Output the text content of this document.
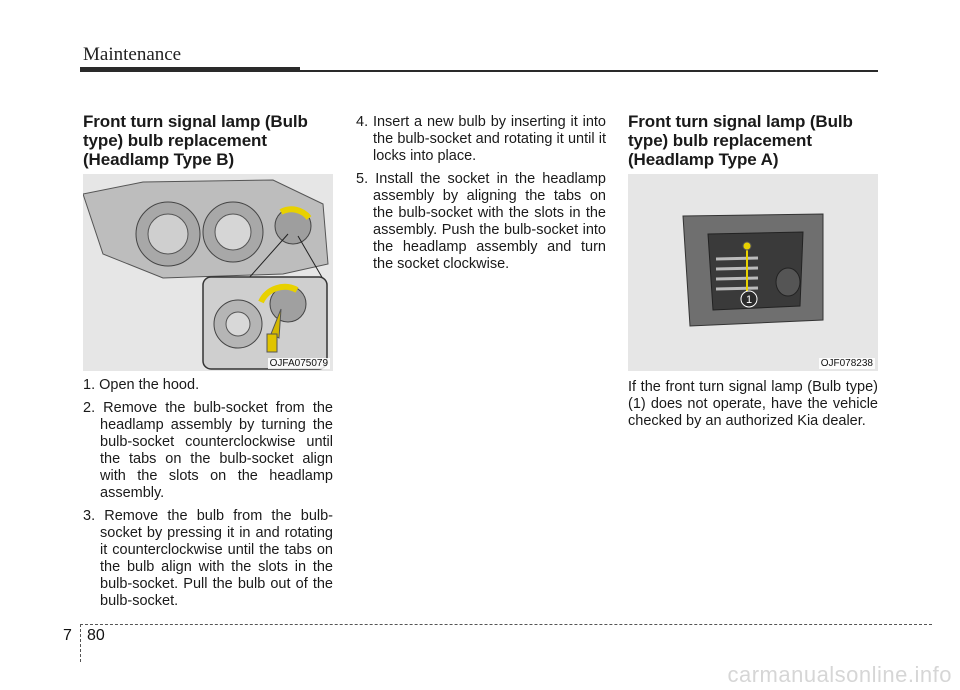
Maintenance
Front turn signal lamp (Bulb
type) bulb replacement
(Headlamp Type B)
OJFA075079
1. Open the hood.
2. Remove the bulb-socket from the headlamp assembly by turning the bulb-socket counterclockwise until the tabs on the bulb-socket align with the slots on the headlamp assembly.
3. Remove the bulb from the bulb-socket by pressing it in and rotating it counterclockwise until the tabs on the bulb align with the slots in the bulb-socket. Pull the bulb out of the bulb-socket.
4. Insert a new bulb by inserting it into the bulb-socket and rotating it until it locks into place.
5. Install the socket in the headlamp assembly by aligning the tabs on the bulb-socket with the slots in the assembly. Push the bulb-socket into the headlamp assembly and turn the socket clockwise.
Front turn signal lamp (Bulb
type) bulb replacement
(Headlamp Type A)
1
OJF078238

If the front turn signal lamp (Bulb type) (1) does not operate, have the vehicle checked by an authorized Kia dealer.

7 80
carmanualsonline.info
